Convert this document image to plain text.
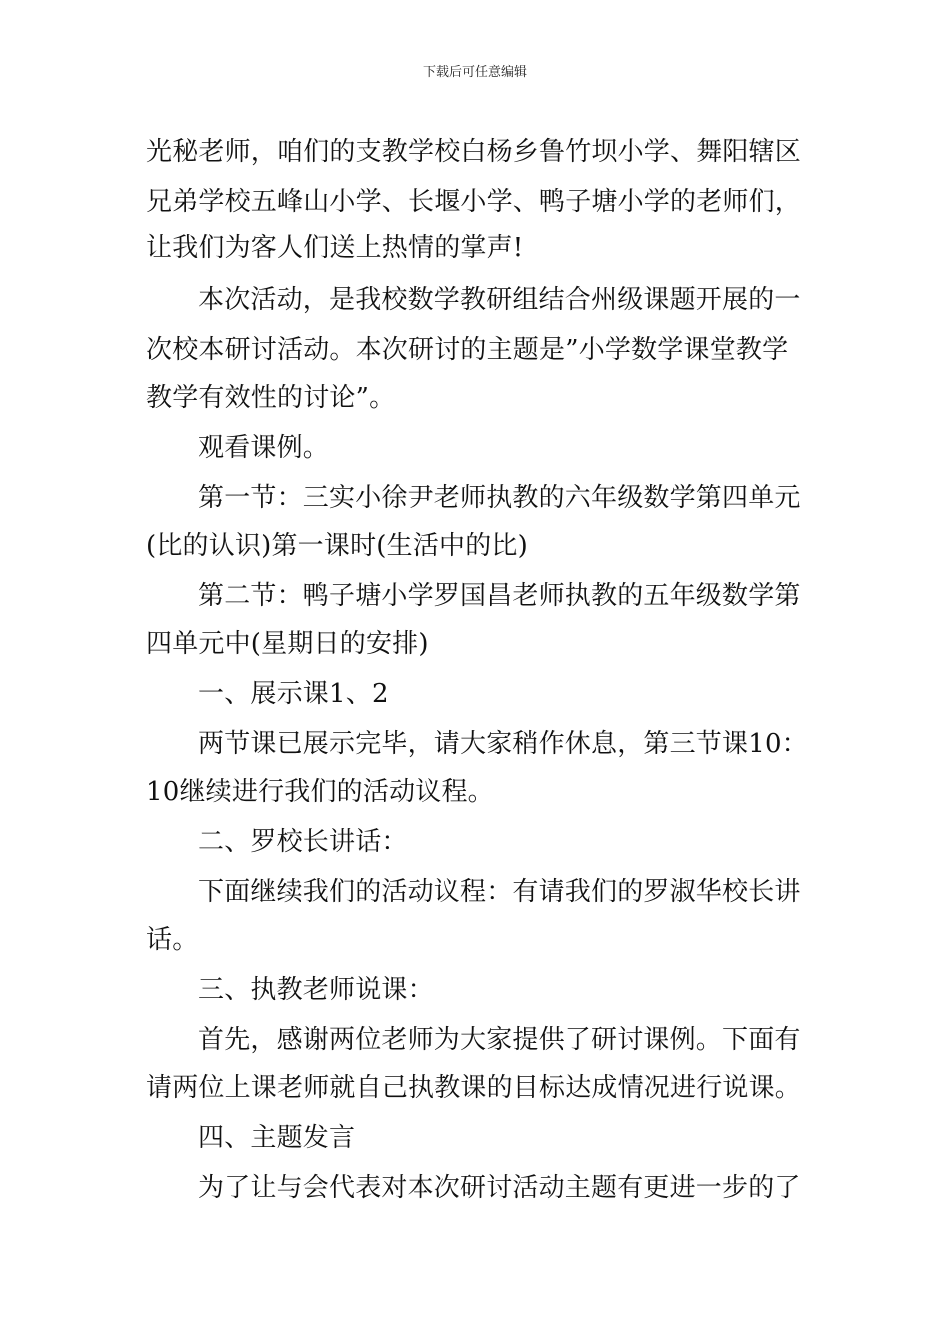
下载后可任意编辑
光秘老师，咱们的支教学校白杨乡鲁竹坝小学、舞阳辖区
兄弟学校五峰山小学、长堰小学、鸭子塘小学的老师们，
让我们为客人们送上热情的掌声!
本次活动，是我校数学教研组结合州级课题开展的一
次校本研讨活动。本次研讨的主题是”小学数学课堂教学
教学有效性的讨论”。
观看课例。
第一节：三实小徐尹老师执教的六年级数学第四单元
(比的认识)第一课时(生活中的比)
第二节：鸭子塘小学罗国昌老师执教的五年级数学第
四单元中(星期日的安排)
一、展示课1、2
两节课已展示完毕，请大家稍作休息，第三节课10：
10继续进行我们的活动议程。
二、罗校长讲话：
下面继续我们的活动议程：有请我们的罗淑华校长讲
话。
三、执教老师说课：
首先，感谢两位老师为大家提供了研讨课例。下面有
请两位上课老师就自己执教课的目标达成情况进行说课。
四、主题发言
为了让与会代表对本次研讨活动主题有更进一步的了
